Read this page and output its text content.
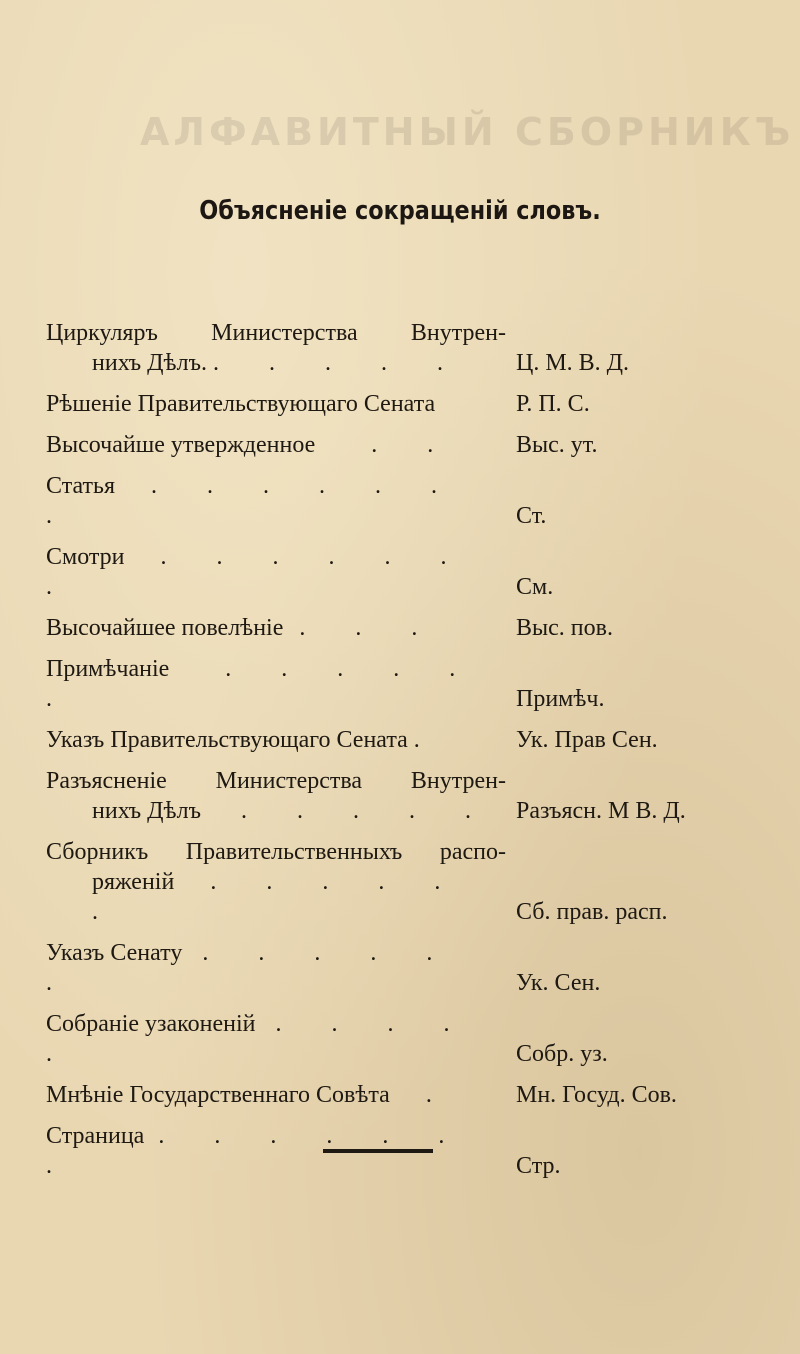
АЛФАВИТНЫЙ СБОРНИКЪ
Объясненіе сокращеній словъ.
Циркуляръ Министерства Внутрен-
нихъ Дѣлъ. . . . . .	Ц. М. В. Д.
Рѣшеніе Правительствующаго Сената	Р. П. С.
Высочайше утвержденное . .	Выс. ут.
Статья . . . . . . .	Ст.
Смотри . . . . . . .	См.
Высочайшее повелѣніе . . .	Выс. пов.
Примѣчаніе . . . . . .	Примѣч.
Указъ Правительствующаго Сената .	Ук. Прав Сен.
Разъясненіе Министерства Внутрен-
нихъ Дѣлъ . . . . . Разъясн. М В. Д.
Сборникъ Правительственныхъ распо-
ряженій . . . . . .	Сб. прав. расп.
Указъ Сенату . . . . . .	Ук. Сен.
Собраніе узаконеній . . . . .	Собр. уз.
Мнѣніе Государственнаго Совѣта .	Мн. Госуд. Сов.
Страница . . . . . . .	Стр.
